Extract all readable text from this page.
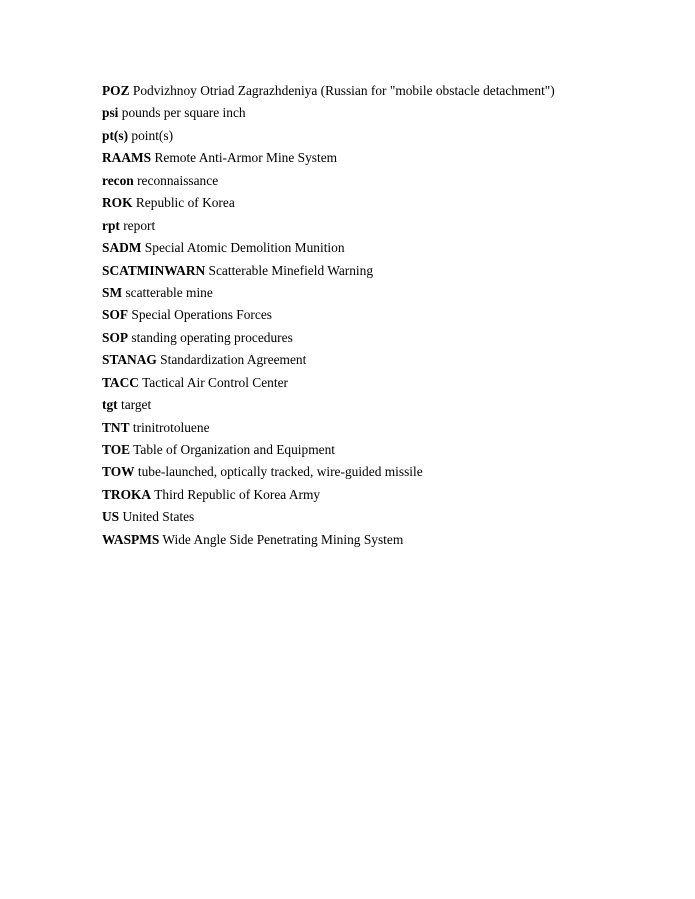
POZ Podvizhnoy Otriad Zagrazhdeniya (Russian for "mobile obstacle detachment")
psi pounds per square inch
pt(s) point(s)
RAAMS Remote Anti-Armor Mine System
recon reconnaissance
ROK Republic of Korea
rpt report
SADM Special Atomic Demolition Munition
SCATMINWARN Scatterable Minefield Warning
SM scatterable mine
SOF Special Operations Forces
SOP standing operating procedures
STANAG Standardization Agreement
TACC Tactical Air Control Center
tgt target
TNT trinitrotoluene
TOE Table of Organization and Equipment
TOW tube-launched, optically tracked, wire-guided missile
TROKA Third Republic of Korea Army
US United States
WASPMS Wide Angle Side Penetrating Mining System
